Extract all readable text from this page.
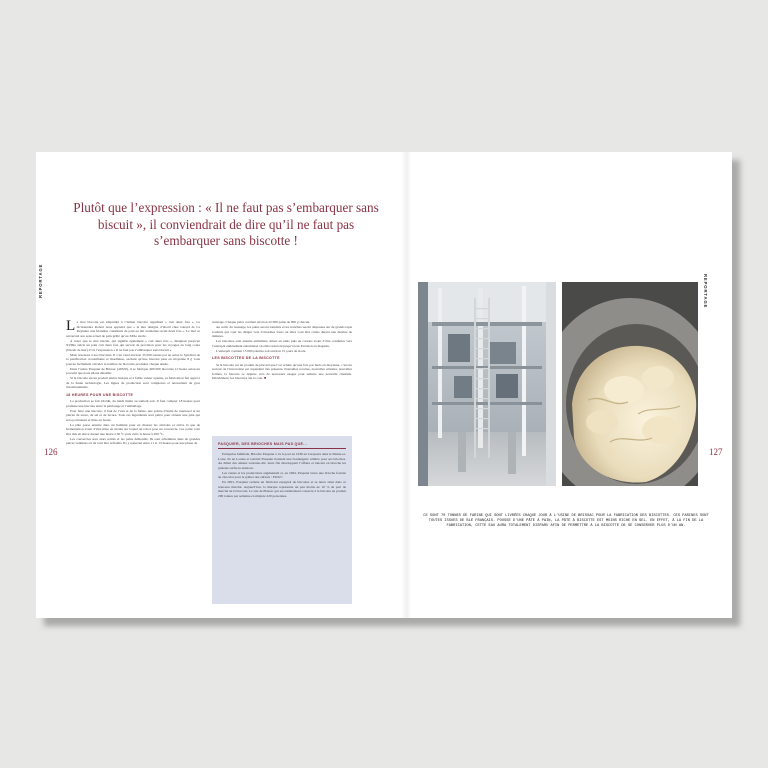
Plutôt que l’expression : « Il ne faut pas s’embarquer sans biscuit », il conviendrait de dire qu’il ne faut pas s’embarquer sans biscotte !
REPORTAGE	REPORTAGE
126	127

Le mot biscotte est emprunté à l’italien biscotto signifiant « cuit deux fois ». Le dictionnaire Robert nous apprend que « le mot désigna d’abord chez Gérard de La Reynière une friandise constituée de pain au lait aromatisé recuit deux fois ». Le mot se retrouvait son sens actuel de pain grillé qu’au XIXe siècle.

À noter que le mot biscuit, qui signifie également « cuit deux fois », désignait jusqu’au XVIIIe siècle un pain cuit deux fois qui servait de provision pour les voyages au long cours (biscuit de mer) d’où l’expression « Il ne faut pas s’embarquer sans biscuit ».

Mais revenons à nos biscottes. Il s’en vend environ 35 000 tonnes par an selon le Syndicat de la panification croustillante et moelleuse, sachant qu’une biscotte pèse en moyenne 8 g vous pouvez facilement calculer le nombre de biscottes produites chaque année.

Dans l’usine Pasquier de Brissac (49320), il se fabrique 400 000 biscottes à l’heure selon un procédé que nous allons détailler.

Si la biscotte est un produit plutôt basique et à faible valeur ajoutée, sa fabrication fait appel à de la haute technologie. Les lignes de production sont complexes et nécessitent de gros investissements.

18 HEURES POUR UNE BISCOTTE

La production se fait 24/24h, du lundi matin au samedi soir. Il faut compter 18 heures pour produire une biscotte entre le pétrissage et l’emballage.

Pour faire une biscotte, il faut de l’eau et de la farine, une pointe d’huile de tournesol et un pincée de sucre, de sel et de levure. Tous ces ingrédients sont pétris pour obtenir une pâte qui sera portionnée et mise en boule.

La pâte passe ensuite dans un hominié pour en chasser les alvéoles et arrive là que de fermentation avant d’être mise en moule sur lequel un robot pose un couvercle. Ces pains vont être mis en étuve durant une heure à 36 °C puis cuits ¾ heure à 200 °C.

Les couvercles sont alors retirés et les pains démoulés. Ils sont acheminés dans de grandes pièces ventilées où ils vont être refroidis. Ils y resteront entre 11 et 13 heures pour une phase de

ressuage. Chaque pièce contient environ 22 000 pains de 900 g chacun.

Au sortir du ressuage, les pains seront tranchés et les tranches seront disposées sur de grands tapis roulants qui vont les diriger vers d’énormes fours où elles vont être cuites durant une dizaine de minutes.

Les biscottes sont ensuite emballées, mises en étuis puis en cartons avant d’être conduites vers l’entrepôt entièrement automatisé où elles resteront jusqu’à leur livraison en magasin.

L’entrepôt contient 15 000 palettes soit environ 15 jours de stock.

LES BISCOTTES DE LA BISCOTTE

Si la biscotte est un produit de placard que l’on achète qu’une fois par mois en moyenne, c’est un secteur où l’innovation est cependant très présente. Nouvelles recettes, nouvelles céréales, nouvelles formes, la biscotte se déploie vers de nouveaux usages pour séduire une nouvelle clientèle. Décidément, les biscottes ont la cote. ■

PASQUIER, DES BRIOCHES MAIS PAS QUE...

Entreprise familiale, Brioche Pasquier a vu le jour en 1936 au Cerqueux dans le Maine-et-Loire. Ils en Louise et Gabriel Pasquier tiennent une boulangerie célèbre pour ses brioches. Au début des années soixante-dix, leurs fils développent l’affaire et lancent en brioche les grandes surfaces alentour.

Les ventes et les productions augmentent et, en 1984, Pasquier lance une brioche fourrée au chocolat pour le goûter des enfants : Pitch®.

En 2001, Pasquier rachète un fabricant espagnol de biscottes et se lance ainsi dans ce nouveau marché. Aujourd’hui, la marque représente un peu moins de 10 % de part de marché de la biscotte. Le site de Brissac qui est entièrement consacré à la biscotte en produit 200 tonnes par semaine et emploie 220 personnes.

CE SONT 70 TONNES DE FARINE QUI SONT LIVRÉES CHAQUE JOUR À L’USINE DE BRISSAC POUR LA FABRICATION DES BISCOTTES. CES FARINES SONT TOUTES ISSUES DE BLÉ FRANÇAIS. POUSSE D’UNE PÂTE À PAIN, LA PÂTE À BISCOTTE EST MOINS RICHE EN SEL. EN EFFET, À LA FIN DE LA FABRICATION, CETTE EAU AURA TOTALEMENT DISPARU AFIN DE PERMETTRE À LA BISCOTTE DE SE CONSERVER PLUS D’UN AN.
